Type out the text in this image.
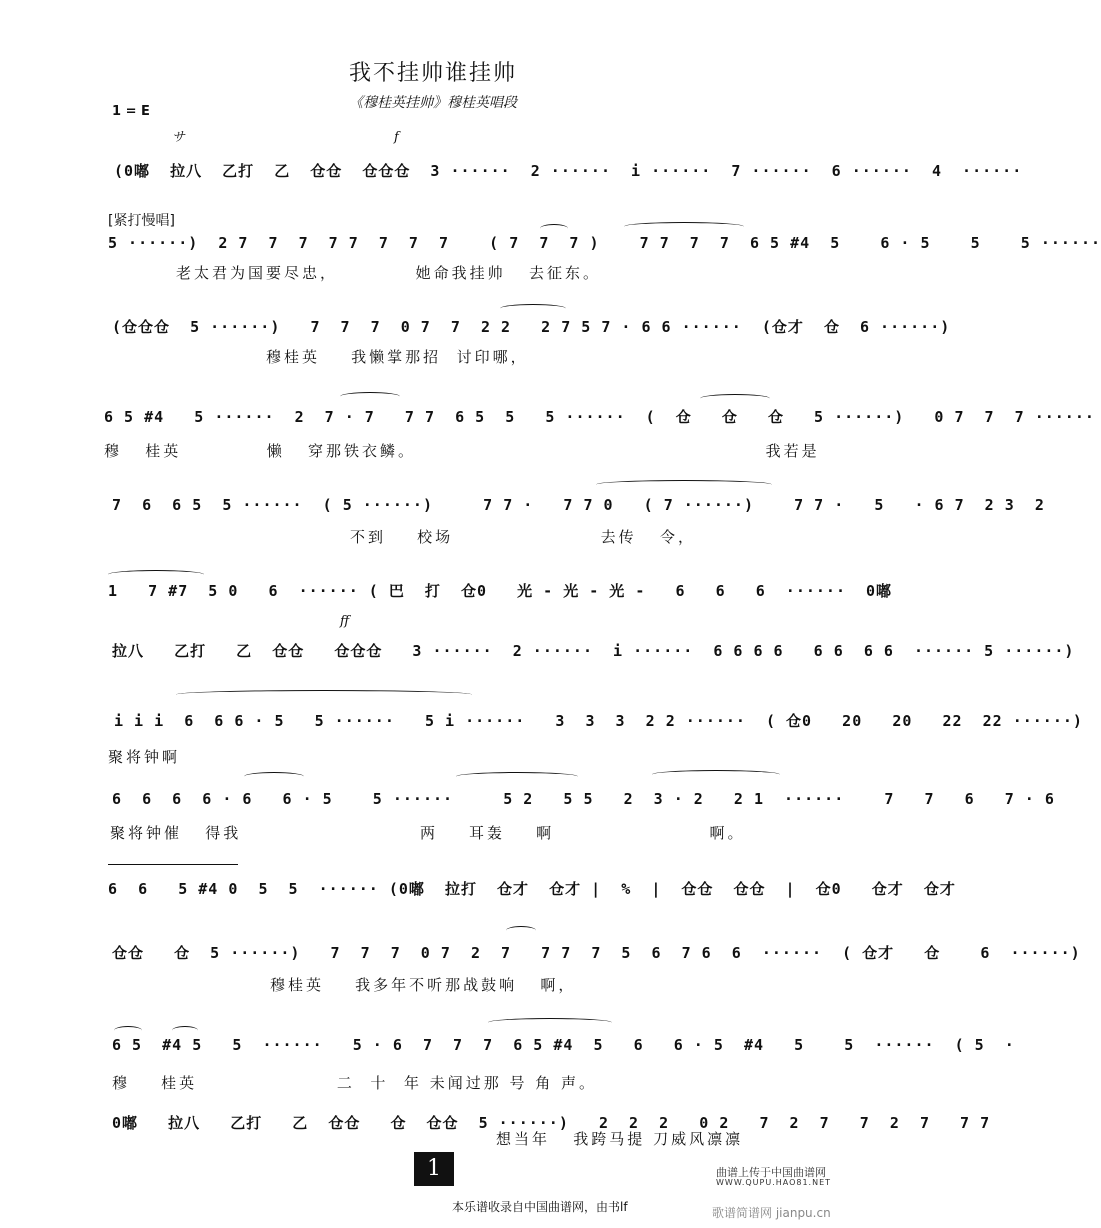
我不挂帅谁挂帅
《穆桂英挂帅》穆桂英唱段
1 = E
サ	f
(0嘟  拉八  乙打  乙  仓仓  仓仓仓  3 ······  2 ······  i ······  7 ······  6 ······  4  ······
[紧打慢唱]
5 ······)  2 7  7  7  7 7  7  7  7    ( 7  7  7 )    7 7  7  7  6 5 #4  5    6 · 5    5    5 ······
老太君为国要尽忠，          她命我挂帅   去征东。
(仓仓仓  5 ······)   7  7  7  0 7  7  2 2   2 7 5 7 · 6 6 ······  (仓才  仓  6 ······)
穆桂英    我懒掌那招  讨印哪，
6 5 #4   5 ······  2  7 · 7   7 7  6 5  5   5 ······  (  仓   仓   仓   5 ······)   0 7  7  7 ······
穆   桂英           懒   穿那铁衣鳞。                                             我若是
7  6  6 5  5 ······  ( 5 ······)     7 7 ·   7 7 0   ( 7 ······)    7 7 ·   5   · 6 7  2 3  2
不到    校场                   去传   令，
1   7 #7  5 0   6  ······ ( 巴  打  仓0   光 - 光 - 光 -   6   6   6  ······  0嘟
ff
拉八   乙打   乙  仓仓   仓仓仓   3 ······  2 ······  i ······  6 6 6 6   6 6  6 6  ······ 5 ······)
i i i  6  6 6 · 5   5 ······   5 i ······   3  3  3  2 2 ······  ( 仓0   20   20   22  22 ······)
聚将钟啊
6  6  6  6 · 6   6 · 5    5 ······     5 2   5 5   2  3 · 2   2 1  ······    7   7   6   7 · 6
聚将钟催   得我                       两    耳轰    啊                    啊。
6  6   5 #4 0  5  5  ······ (0嘟  拉打  仓才  仓才 |  %  |  仓仓  仓仓  |  仓0   仓才  仓才
仓仓   仓  5 ······)   7  7  7  0 7  2  7   7 7  7  5  6  7 6  6  ······  ( 仓才   仓    6  ······)
穆桂英    我多年不听那战鼓响   啊，
6 5  #4 5   5  ······   5 · 6  7  7  7  6 5 #4  5   6   6 · 5  #4   5    5  ······  ( 5  ·
穆    桂英                  二  十  年 未闻过那 号 角 声。
0嘟   拉八   乙打   乙  仓仓   仓  仓仓  5 ······)   2  2  2   0 2   7  2  7   7  2  7   7 7
想当年   我跨马提 刀威风凛凛
1	曲谱上传于中国曲谱网
WWW.QUPU.HAO81.NET
本乐谱收录自中国曲谱网，由书lf	歌谱简谱网 jianpu.cn
